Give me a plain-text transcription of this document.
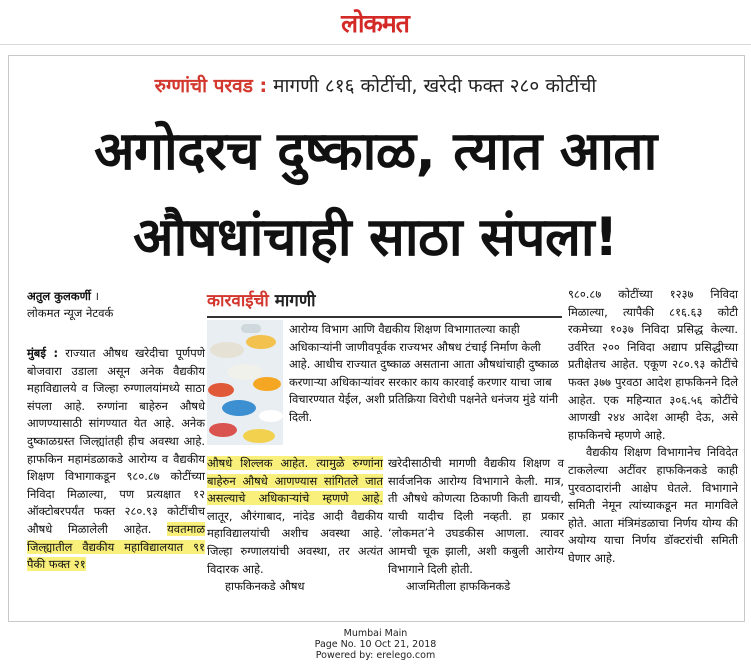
लोकमत
रुग्णांची परवड : मागणी ८१६ कोटींची, खरेदी फक्त २८० कोटींची
अगोदरच दुष्काळ, त्यात आता
औषधांचाही साठा संपला!
अतुल कुलकर्णी ।
लोकमत न्यूज नेटवर्क
कारवाईची मागणी
आरोग्य विभाग आणि वैद्यकीय शिक्षण विभागातल्या काही अधिकाऱ्यांनी जाणीवपूर्वक राज्यभर औषध टंचाई निर्माण केली आहे. आधीच राज्यात दुष्काळ असताना आता औषधांचाही दुष्काळ करणाऱ्या अधिकाऱ्यांवर सरकार काय कारवाई करणार याचा जाब विचारण्यात येईल, अशी प्रतिक्रिया विरोधी पक्षनेते धनंजय मुंडे यांनी दिली.
मुंबई : राज्यात औषध खरेदीचा पूर्णपणे बोजवारा उडाला असून अनेक वैद्यकीय महाविद्यालये व जिल्हा रुग्णालयांमध्ये साठा संपला आहे. रुग्णांना बाहेरुन औषधे आणण्यासाठी सांगण्यात येत आहे. अनेक दुष्काळग्रस्त जिल्ह्यांतही हीच अवस्था आहे. हाफकिन महामंडळाकडे आरोग्य व वैद्यकीय शिक्षण विभागाकडून ९८०.८७ कोटींच्या निविदा मिळाल्या, पण प्रत्यक्षात १२ ऑक्टोबरपर्यंत फक्त २८०.९३ कोटींचीच औषधे मिळालेली आहेत. यवतमाळ जिल्ह्यातील वैद्यकीय महाविद्यालयात ९१ पैकी फक्त २१
औषधे शिल्लक आहेत. त्यामुळे रुग्णांना बाहेरुन औषधे आणण्यास सांगितले जात असल्याचे अधिकाऱ्यांचे म्हणणे आहे. लातूर, औरंगाबाद, नांदेड आदी वैद्यकीय महाविद्यालयांची अशीच अवस्था आहे. जिल्हा रुग्णालयांची अवस्था, तर अत्यंत विदारक आहे.
हाफकिनकडे औषध
खरेदीसाठीची मागणी वैद्यकीय शिक्षण व सार्वजनिक आरोग्य विभागाने केली. मात्र, ती औषधे कोणत्या ठिकाणी किती द्यायची, याची यादीच दिली नव्हती. हा प्रकार ‘लोकमत’ने उघडकीस आणला. त्यावर आमची चूक झाली, अशी कबुली आरोग्य विभागाने दिली होती.
आजमितीला हाफकिनकडे
९८०.८७ कोटींच्या १२३७ निविदा मिळाल्या, त्यापैकी ८१६.६३ कोटी रकमेच्या १०३७ निविदा प्रसिद्ध केल्या. उर्वरित २०० निविदा अद्याप प्रसिद्धीच्या प्रतीक्षेतच आहेत. एकूण २८०.९३ कोटींचे फक्त ३७७ पुरवठा आदेश हाफकिनने दिले आहेत. एक महिन्यात ३०६.५६ कोटींचे आणखी २४४ आदेश आम्ही देऊ, असे हाफकिनचे म्हणणे आहे.
वैद्यकीय शिक्षण विभागानेच निविदेत टाकलेल्या अटींवर हाफकिनकडे काही पुरवठादारांनी आक्षेप घेतले. विभागाने समिती नेमून त्यांच्याकडून मत मागविले होते. आता मंत्रिमंडळाचा निर्णय योग्य की अयोग्य याचा निर्णय डॉक्टरांची समिती घेणार आहे.
Mumbai Main
Page No. 10 Oct 21, 2018
Powered by: erelego.com
